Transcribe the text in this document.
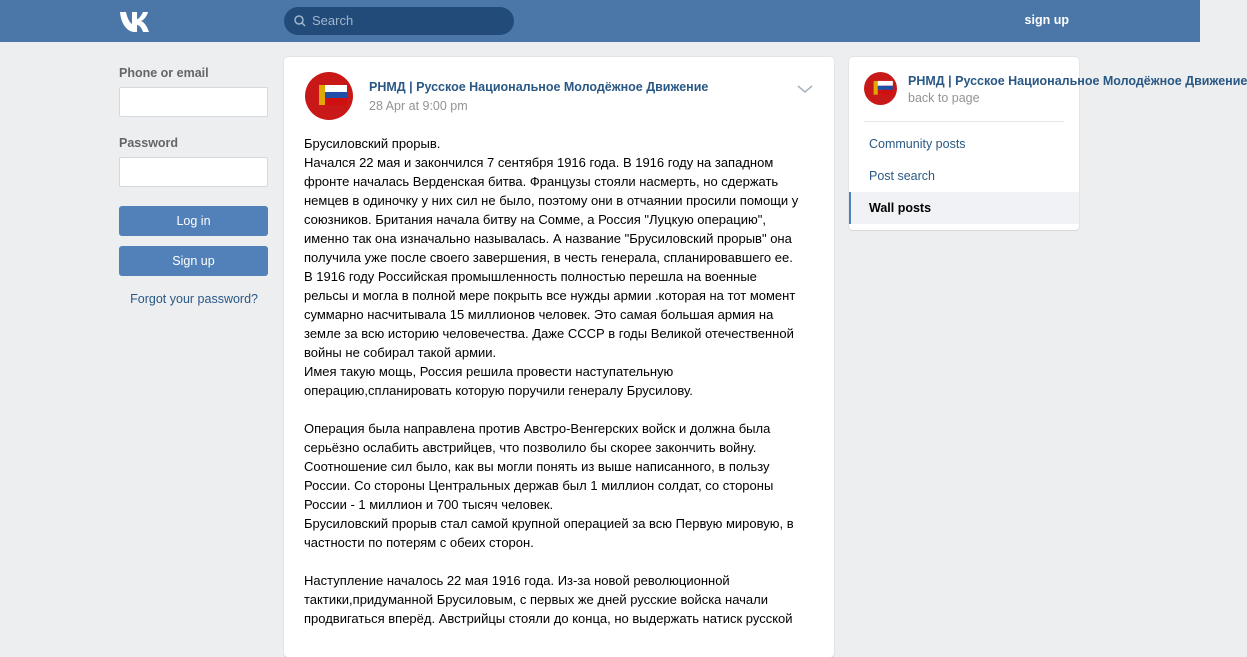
Search	sign up
Phone or email
Password
Log in
Sign up
Forgot your password?
РНМД | Русское Национальное Молодёжное Движение
28 Apr at 9:00 pm
Брусиловский прорыв.
Начался 22 мая и закончился 7 сентября 1916 года. В 1916 году на западном
фронте началась Верденская битва. Французы стояли насмерть, но сдержать
немцев в одиночку у них сил не было, поэтому они в отчаянии просили помощи у
союзников. Британия начала битву на Сомме, а Россия "Луцкую операцию",
именно так она изначально называлась. А название "Брусиловский прорыв" она
получила уже после своего завершения, в честь генерала, спланировавшего ее.
В 1916 году Российская промышленность полностью перешла на военные
рельсы и могла в полной мере покрыть все нужды армии .которая на тот момент
суммарно насчитывала 15 миллионов человек. Это самая большая армия на
земле за всю историю человечества. Даже СССР в годы Великой отечественной
войны не собирал такой армии.
Имея такую мощь, Россия решила провести наступательную
операцию,спланировать которую поручили генералу Брусилову.
Операция была направлена против Австро-Венгерских войск и должна была
серьёзно ослабить австрийцев, что позволило бы скорее закончить войну.
Соотношение сил было, как вы могли понять из выше написанного, в пользу
России. Со стороны Центральных держав был 1 миллион солдат, со стороны
России - 1 миллион и 700 тысяч человек.
Брусиловский прорыв стал самой крупной операцией за всю Первую мировую, в
частности по потерям с обеих сторон.
Наступление началось 22 мая 1916 года. Из-за новой революционной
тактики,придуманной Брусиловым, с первых же дней русские войска начали
продвигаться вперёд. Австрийцы стояли до конца, но выдержать натиск русской
РНМД | Русское Национальное Молодёжное Движение
back to page
Community posts
Post search
Wall posts
